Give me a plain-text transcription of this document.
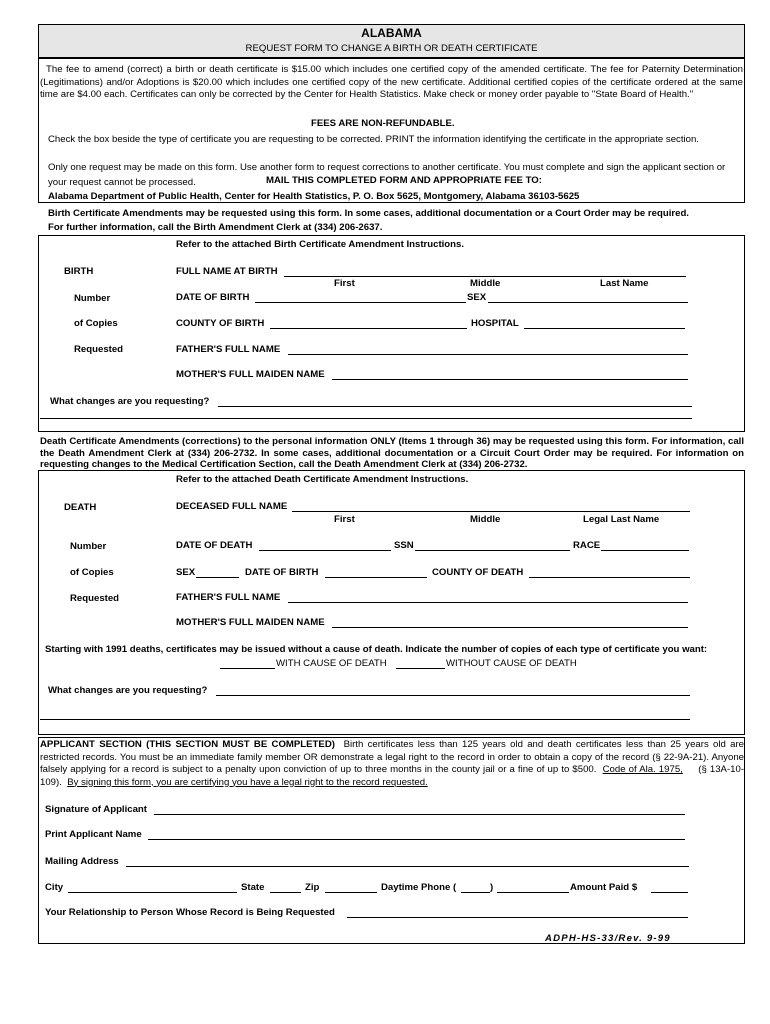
ALABAMA
REQUEST FORM TO CHANGE A BIRTH OR DEATH CERTIFICATE
The fee to amend (correct) a birth or death certificate is $15.00 which includes one certified copy of the amended certificate. The fee for Paternity Determination (Legitimations) and/or Adoptions is $20.00 which includes one certified copy of the new certificate. Additional certified copies of the certificate ordered at the same time are $4.00 each. Certificates can only be corrected by the Center for Health Statistics. Make check or money order payable to "State Board of Health."
FEES ARE NON-REFUNDABLE.
Check the box beside the type of certificate you are requesting to be corrected. PRINT the information identifying the certificate in the appropriate section.
Only one request may be made on this form. Use another form to request corrections to another certificate. You must complete and sign the applicant section or your request cannot be processed.	MAIL THIS COMPLETED FORM AND APPROPRIATE FEE TO:
Alabama Department of Public Health, Center for Health Statistics, P. O. Box 5625, Montgomery, Alabama 36103-5625
Birth Certificate Amendments may be requested using this form. In some cases, additional documentation or a Court Order may be required.
For further information, call the Birth Amendment Clerk at (334) 206-2637.
Refer to the attached Birth Certificate Amendment Instructions.
BIRTH
Number
of Copies
Requested
FULL NAME AT BIRTH
First	Middle	Last Name
DATE OF BIRTH	SEX
COUNTY OF BIRTH	HOSPITAL
FATHER'S FULL NAME
MOTHER'S FULL MAIDEN NAME
What changes are you requesting?
Death Certificate Amendments (corrections) to the personal information ONLY (Items 1 through 36) may be requested using this form. For information, call the Death Amendment Clerk at (334) 206-2732. In some cases, additional documentation or a Circuit Court Order may be required. For information on requesting changes to the Medical Certification Section, call the Death Amendment Clerk at (334) 206-2732.
Refer to the attached Death Certificate Amendment Instructions.
DEATH
Number
of Copies
Requested
DECEASED FULL NAME
First	Middle	Legal Last Name
DATE OF DEATH	SSN	RACE
SEX	DATE OF BIRTH	COUNTY OF DEATH
FATHER'S FULL NAME
MOTHER'S FULL MAIDEN NAME
Starting with 1991 deaths, certificates may be issued without a cause of death. Indicate the number of copies of each type of certificate you want:
WITH CAUSE OF DEATH	WITHOUT CAUSE OF DEATH
What changes are you requesting?
APPLICANT SECTION (THIS SECTION MUST BE COMPLETED) Birth certificates less than 125 years old and death certificates less than 25 years old are restricted records. You must be an immediate family member OR demonstrate a legal right to the record in order to obtain a copy of the record (§ 22-9A-21). Anyone falsely applying for a record is subject to a penalty upon conviction of up to three months in the county jail or a fine of up to $500. Code of Ala. 1975, (§ 13A-10-109). By signing this form, you are certifying you have a legal right to the record requested.
Signature of Applicant
Print Applicant Name
Mailing Address
City	State	Zip	Daytime Phone (	)	Amount Paid $
Your Relationship to Person Whose Record is Being Requested
ADPH-HS-33/Rev. 9-99
